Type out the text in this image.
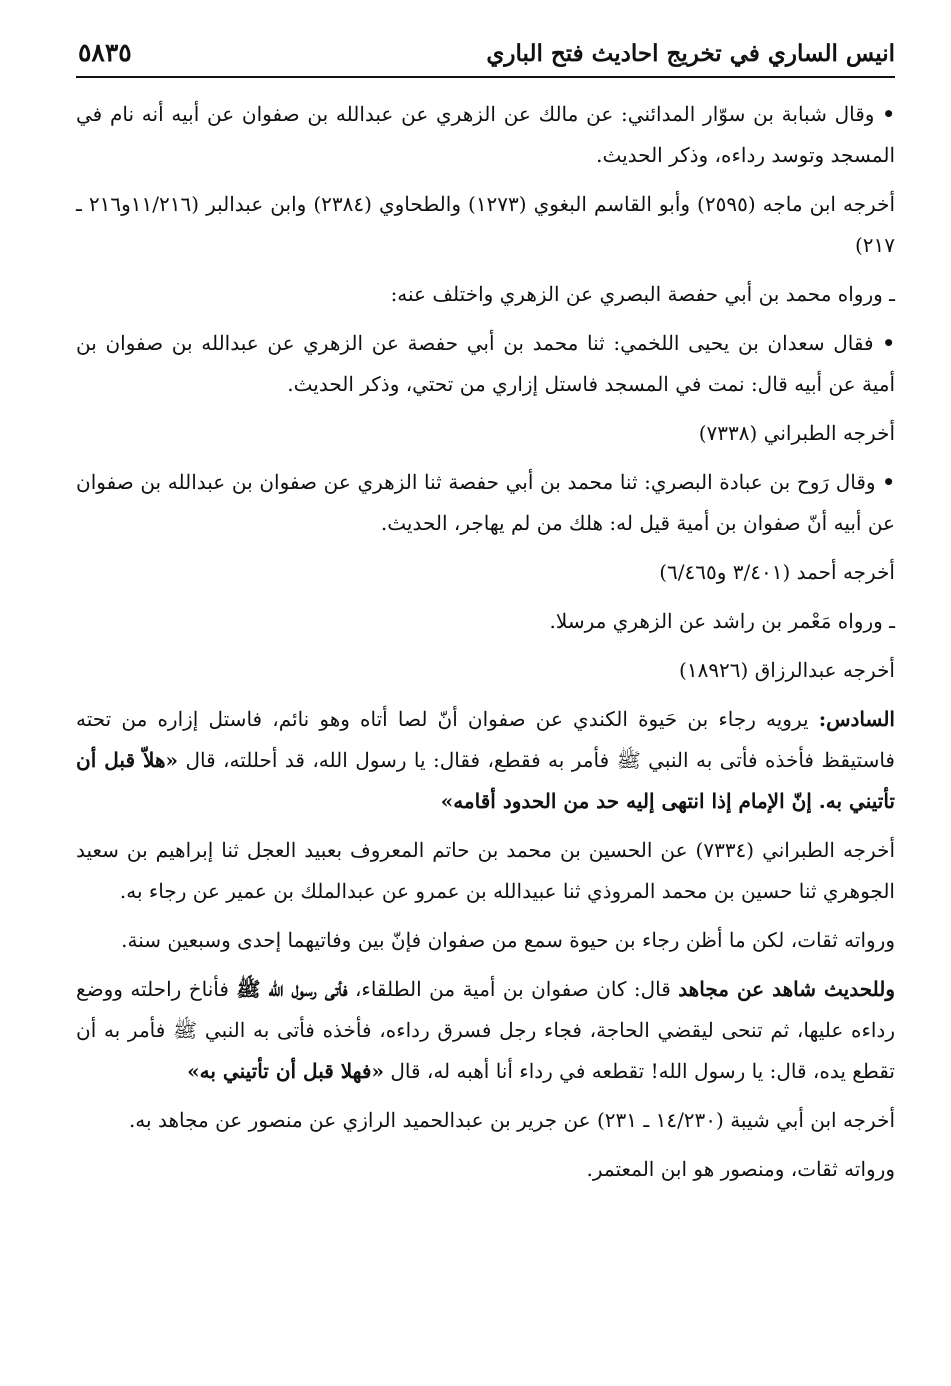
انيس الساري في تخريج احاديث فتح الباري
٥٨٣٥

• وقال شبابة بن سوّار المدائني: عن مالك عن الزهري عن عبدالله بن صفوان عن أبيه أنه نام في المسجد وتوسد رداءه، وذكر الحديث.

أخرجه ابن ماجه (٢٥٩٥) وأبو القاسم البغوي (١٢٧٣) والطحاوي (٢٣٨٤) وابن عبدالبر (١١/٢١٦و٢١٦ ـ ٢١٧)

ـ ورواه محمد بن أبي حفصة البصري عن الزهري واختلف عنه:

• فقال سعدان بن يحيى اللخمي: ثنا محمد بن أبي حفصة عن الزهري عن عبدالله بن صفوان بن أمية عن أبيه قال: نمت في المسجد فاستل إزاري من تحتي، وذكر الحديث.

أخرجه الطبراني (٧٣٣٨)

• وقال رَوح بن عبادة البصري: ثنا محمد بن أبي حفصة ثنا الزهري عن صفوان بن عبدالله بن صفوان عن أبيه أنّ صفوان بن أمية قيل له: هلك من لم يهاجر، الحديث.

أخرجه أحمد (٣/٤٠١ و٦/٤٦٥)

ـ ورواه مَعْمر بن راشد عن الزهري مرسلا.

أخرجه عبدالرزاق (١٨٩٢٦)

السادس: يرويه رجاء بن حَيوة الكندي عن صفوان أنّ لصا أتاه وهو نائم، فاستل إزاره من تحته فاستيقظ فأخذه فأتى به النبي ﷺ فأمر به فقطع، فقال: يا رسول الله، قد أحللته، قال «هلاّ قبل أن تأتيني به. إنّ الإمام إذا انتهى إليه حد من الحدود أقامه»

أخرجه الطبراني (٧٣٣٤) عن الحسين بن محمد بن حاتم المعروف بعبيد العجل ثنا إبراهيم بن سعيد الجوهري ثنا حسين بن محمد المروذي ثنا عبيدالله بن عمرو عن عبدالملك بن عمير عن رجاء به.

ورواته ثقات، لكن ما أظن رجاء بن حيوة سمع من صفوان فإنّ بين وفاتيهما إحدى وسبعين سنة.

وللحديث شاهد عن مجاهد قال: كان صفوان بن أمية من الطلقاء، فأتى رسول الله ﷺ فأناخ راحلته ووضع رداءه عليها، ثم تنحى ليقضي الحاجة، فجاء رجل فسرق رداءه، فأخذه فأتى به النبي ﷺ فأمر به أن تقطع يده، قال: يا رسول الله! تقطعه في رداء أنا أهبه له، قال «فهلا قبل أن تأتيني به»

أخرجه ابن أبي شيبة (١٤/٢٣٠ ـ ٢٣١) عن جرير بن عبدالحميد الرازي عن منصور عن مجاهد به.

ورواته ثقات، ومنصور هو ابن المعتمر.
